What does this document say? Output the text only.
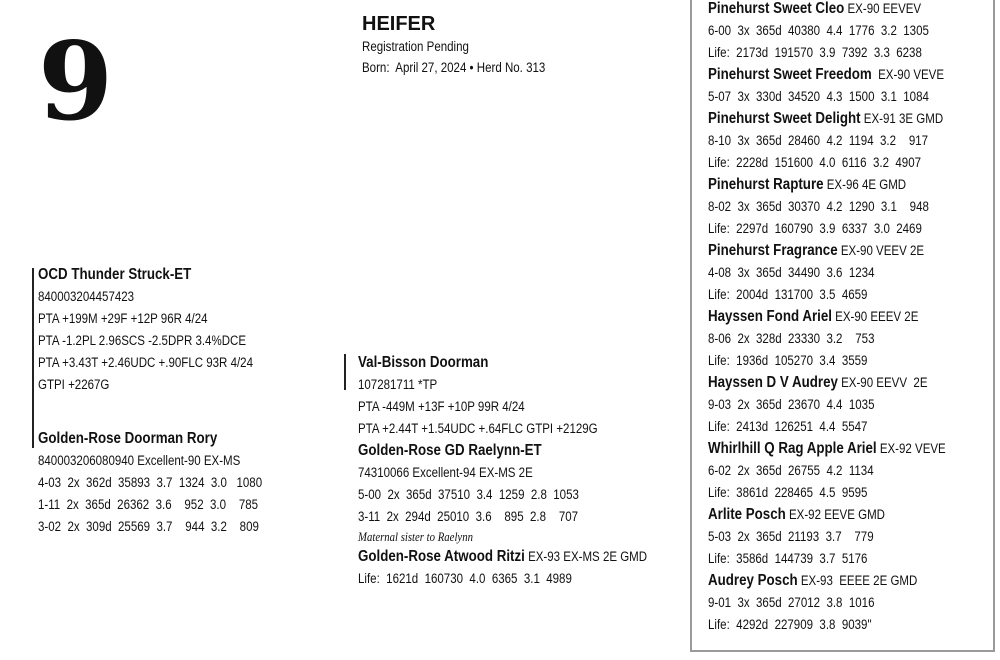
9	HEIFER
Registration Pending
Born:  April 27, 2024 • Herd No. 313
OCD Thunder Struck-ET
840003204457423
PTA +199M +29F +12P 96R 4/24
PTA -1.2PL 2.96SCS -2.5DPR 3.4%DCE
PTA +3.43T +2.46UDC +.90FLC 93R 4/24
GTPI +2267G
Golden-Rose Doorman Rory
840003206080940 Excellent-90 EX-MS
4-03  2x  362d  35893  3.7  1324  3.0   1080
1-11  2x  365d  26362  3.6    952  3.0    785
3-02  2x  309d  25569  3.7    944  3.2    809
Val-Bisson Doorman
107281711 *TP
PTA -449M +13F +10P 99R 4/24
PTA +2.44T +1.54UDC +.64FLC GTPI +2129G
Golden-Rose GD Raelynn-ET
74310066 Excellent-94 EX-MS 2E
5-00  2x  365d  37510  3.4  1259  2.8  1053
3-11  2x  294d  25010  3.6    895  2.8    707
Maternal sister to Raelynn
Golden-Rose Atwood Ritzi EX-93 EX-MS 2E GMD
Life:  1621d  160730  4.0  6365  3.1  4989
Pinehurst Sweet Cleo EX-90 EEVEV
6-00  3x  365d  40380  4.4  1776  3.2  1305
Life:  2173d  191570  3.9  7392  3.3  6238
Pinehurst Sweet Freedom  EX-90 VEVE
5-07  3x  330d  34520  4.3  1500  3.1  1084
Pinehurst Sweet Delight EX-91 3E GMD
8-10  3x  365d  28460  4.2  1194  3.2    917
Life:  2228d  151600  4.0  6116  3.2  4907
Pinehurst Rapture EX-96 4E GMD
8-02  3x  365d  30370  4.2  1290  3.1    948
Life:  2297d  160790  3.9  6337  3.0  2469
Pinehurst Fragrance EX-90 VEEV 2E
4-08  3x  365d  34490  3.6  1234
Life:  2004d  131700  3.5  4659
Hayssen Fond Ariel EX-90 EEEV 2E
8-06  2x  328d  23330  3.2    753
Life:  1936d  105270  3.4  3559
Hayssen D V Audrey EX-90 EEVV  2E
9-03  2x  365d  23670  4.4  1035
Life:  2413d  126251  4.4  5547
Whirlhill Q Rag Apple Ariel EX-92 VEVE
6-02  2x  365d  26755  4.2  1134
Life:  3861d  228465  4.5  9595
Arlite Posch EX-92 EEVE GMD
5-03  2x  365d  21193  3.7    779
Life:  3586d  144739  3.7  5176
Audrey Posch EX-93  EEEE 2E GMD
9-01  3x  365d  27012  3.8  1016
Life:  4292d  227909  3.8  9039"
